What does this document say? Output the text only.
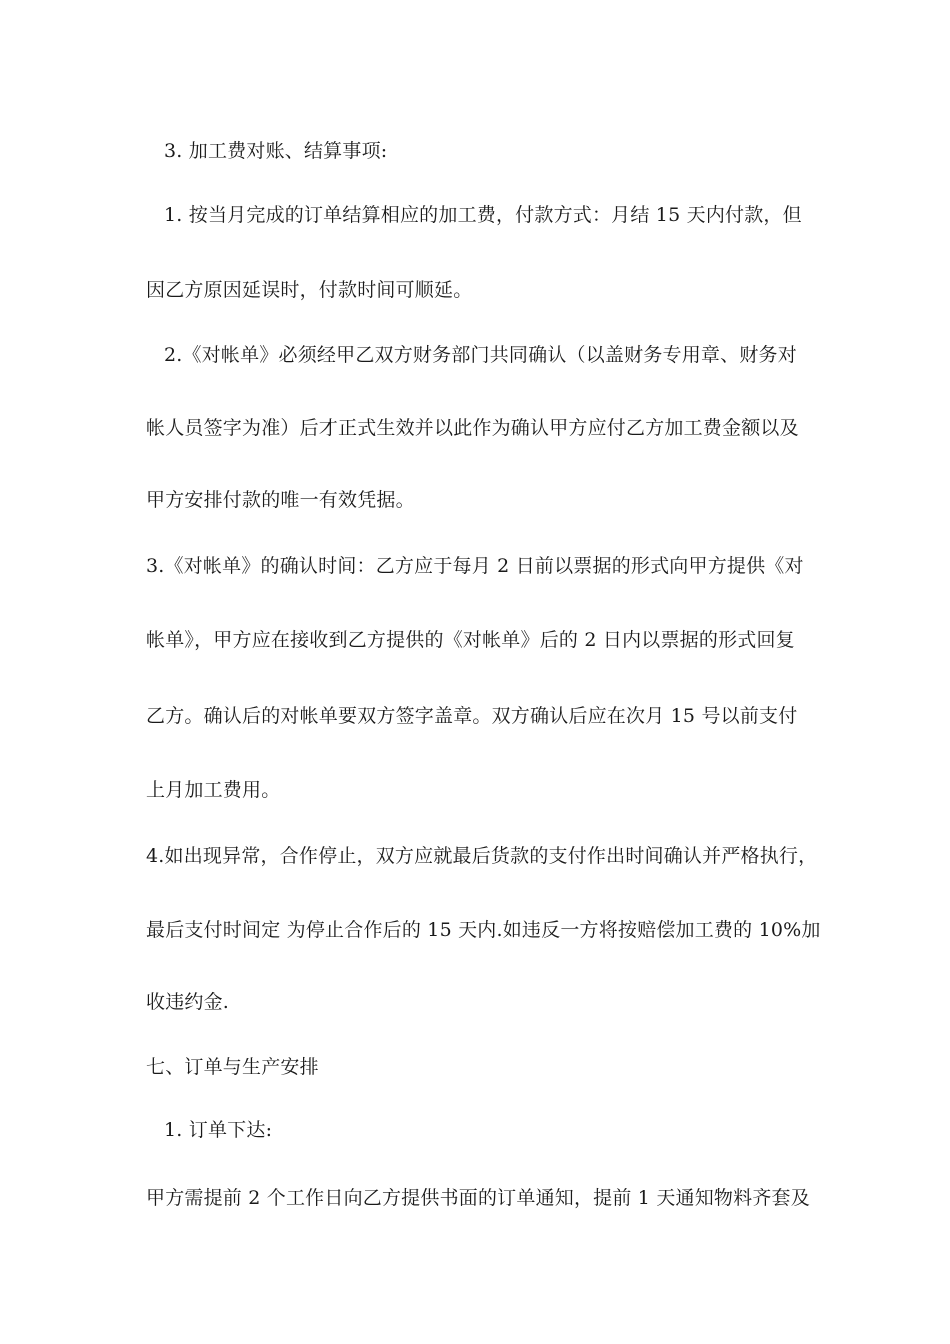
3. 加工费对账、结算事项:
1. 按当月完成的订单结算相应的加工费，付款方式：月结 15 天内付款，但
因乙方原因延误时，付款时间可顺延。
2.《对帐单》必须经甲乙双方财务部门共同确认（以盖财务专用章、财务对
帐人员签字为准）后才正式生效并以此作为确认甲方应付乙方加工费金额以及
甲方安排付款的唯一有效凭据。
3.《对帐单》的确认时间：乙方应于每月 2 日前以票据的形式向甲方提供《对
帐单》，甲方应在接收到乙方提供的《对帐单》后的 2 日内以票据的形式回复
乙方。确认后的对帐单要双方签字盖章。双方确认后应在次月 15 号以前支付
上月加工费用。
4.如出现异常，合作停止，双方应就最后货款的支付作出时间确认并严格执行，
最后支付时间定 为停止合作后的 15 天内.如违反一方将按赔偿加工费的 10%加
收违约金.
七、订单与生产安排
1. 订单下达:
甲方需提前 2 个工作日向乙方提供书面的订单通知，提前 1 天通知物料齐套及
